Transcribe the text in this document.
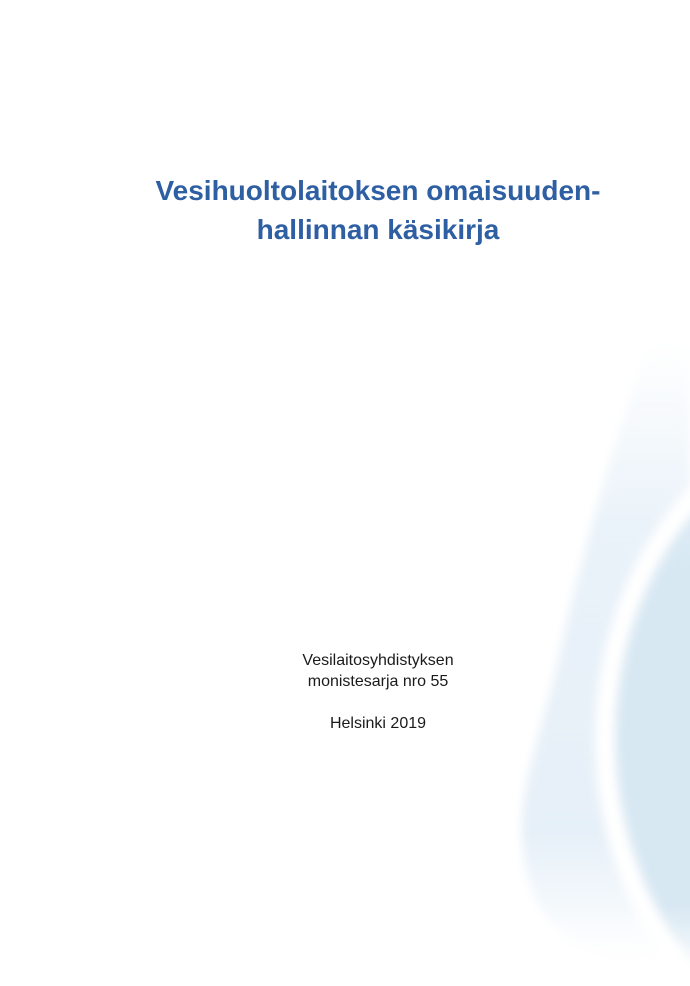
Vesihuoltolaitoksen omaisuuden-
hallinnan käsikirja

Vesilaitosyhdistyksen

monistesarja nro 55

Helsinki 2019
